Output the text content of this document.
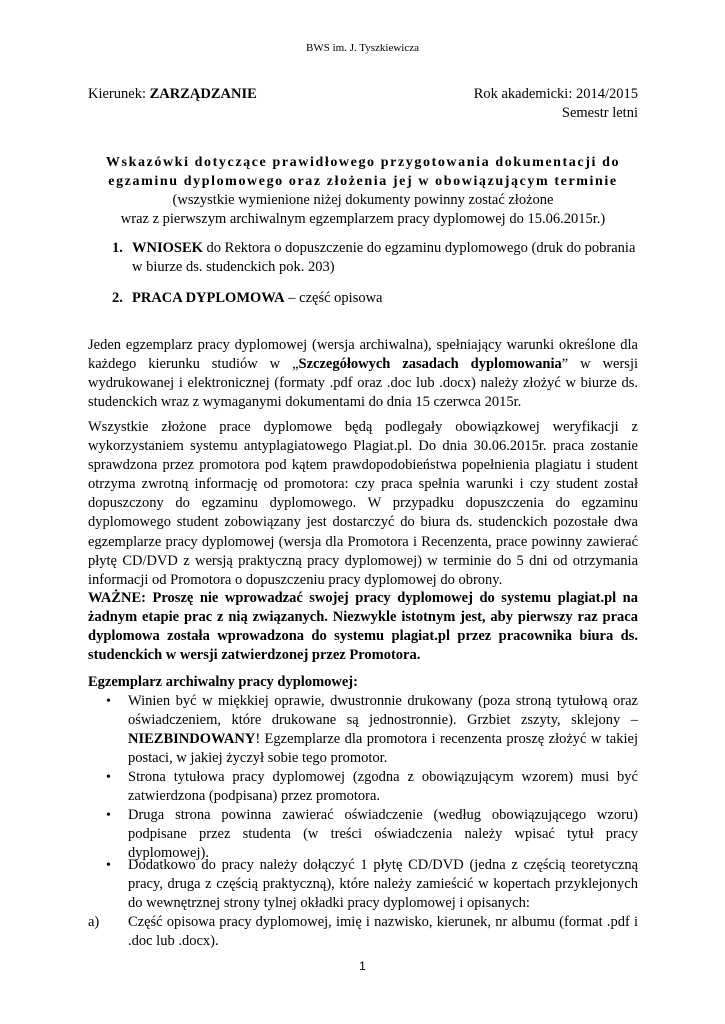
BWS im. J. Tyszkiewicza
Kierunek: ZARZĄDZANIE	Rok akademicki: 2014/2015
Semestr letni
Wskazówki dotyczące prawidłowego przygotowania dokumentacji do
egzaminu dyplomowego oraz złożenia jej w obowiązującym terminie
(wszystkie wymienione niżej dokumenty powinny zostać złożone
wraz z pierwszym archiwalnym egzemplarzem pracy dyplomowej do 15.06.2015r.)
1. WNIOSEK do Rektora o dopuszczenie do egzaminu dyplomowego (druk do pobrania w biurze ds. studenckich pok. 203)
2. PRACA DYPLOMOWA – część opisowa
Jeden egzemplarz pracy dyplomowej (wersja archiwalna), spełniający warunki określone dla każdego kierunku studiów w „Szczegółowych zasadach dyplomowania” w wersji wydrukowanej i elektronicznej (formaty .pdf oraz .doc lub .docx) należy złożyć w biurze ds. studenckich wraz z wymaganymi dokumentami do dnia 15 czerwca 2015r.
Wszystkie złożone prace dyplomowe będą podlegały obowiązkowej weryfikacji z wykorzystaniem systemu antyplagiatowego Plagiat.pl. Do dnia 30.06.2015r. praca zostanie sprawdzona przez promotora pod kątem prawdopodobieństwa popełnienia plagiatu i student otrzyma zwrotną informację od promotora: czy praca spełnia warunki i czy student został dopuszczony do egzaminu dyplomowego. W przypadku dopuszczenia do egzaminu dyplomowego student zobowiązany jest dostarczyć do biura ds. studenckich pozostałe dwa egzemplarze pracy dyplomowej (wersja dla Promotora i Recenzenta, prace powinny zawierać płytę CD/DVD z wersją praktyczną pracy dyplomowej) w terminie do 5 dni od otrzymania informacji od Promotora o dopuszczeniu pracy dyplomowej do obrony.
WAŻNE: Proszę nie wprowadzać swojej pracy dyplomowej do systemu plagiat.pl na żadnym etapie prac z nią związanych. Niezwykle istotnym jest, aby pierwszy raz praca dyplomowa została wprowadzona do systemu plagiat.pl przez pracownika biura ds. studenckich w wersji zatwierdzonej przez Promotora.
Egzemplarz archiwalny pracy dyplomowej:
• Winien być w miękkiej oprawie, dwustronnie drukowany (poza stroną tytułową oraz oświadczeniem, które drukowane są jednostronnie). Grzbiet zszyty, sklejony – NIEZBINDOWANY! Egzemplarze dla promotora i recenzenta proszę złożyć w takiej postaci, w jakiej życzył sobie tego promotor.
• Strona tytułowa pracy dyplomowej (zgodna z obowiązującym wzorem) musi być zatwierdzona (podpisana) przez promotora.
• Druga strona powinna zawierać oświadczenie (według obowiązującego wzoru) podpisane przez studenta (w treści oświadczenia należy wpisać tytuł pracy dyplomowej).
• Dodatkowo do pracy należy dołączyć 1 płytę CD/DVD (jedna z częścią teoretyczną pracy, druga z częścią praktyczną), które należy zamieścić w kopertach przyklejonych do wewnętrznej strony tylnej okładki pracy dyplomowej i opisanych:
a) Część opisowa pracy dyplomowej, imię i nazwisko, kierunek, nr albumu (format .pdf i .doc lub .docx).
1
